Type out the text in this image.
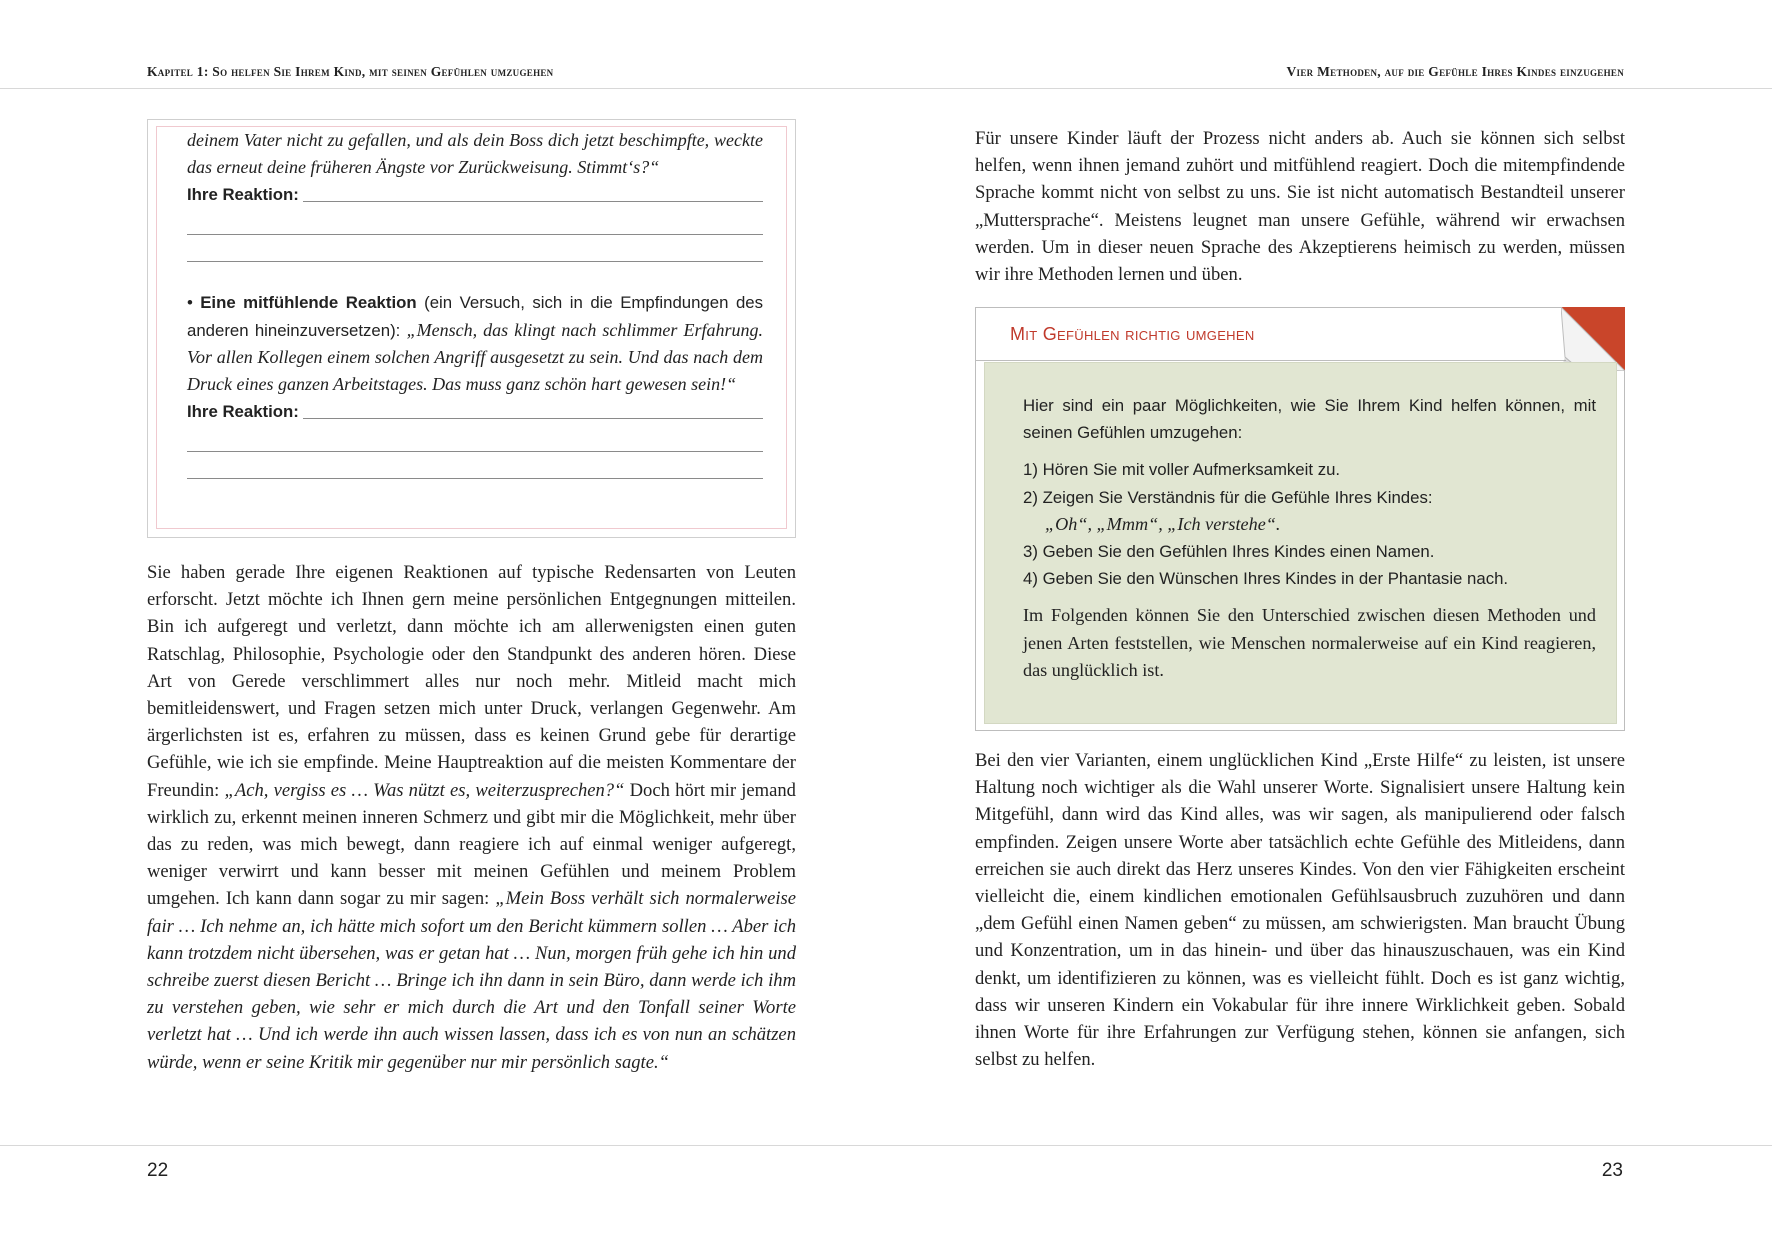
Kapitel 1: So helfen Sie Ihrem Kind, mit seinen Gefühlen umzugehen	Vier Methoden, auf die Gefühle Ihres Kindes einzugehen
deinem Vater nicht zu gefallen, und als dein Boss dich jetzt beschimpfte, weckte das erneut deine früheren Ängste vor Zurückweisung. Stimmt‘s?“
Ihre Reaktion:
• Eine mitfühlende Reaktion (ein Versuch, sich in die Empfindungen des anderen hineinzuversetzen): „Mensch, das klingt nach schlimmer Erfahrung. Vor allen Kollegen einem solchen Angriff ausgesetzt zu sein. Und das nach dem Druck eines ganzen Arbeitstages. Das muss ganz schön hart gewesen sein!“
Ihre Reaktion:

Sie haben gerade Ihre eigenen Reaktionen auf typische Redensarten von Leuten erforscht. Jetzt möchte ich Ihnen gern meine persönlichen Entgegnungen mitteilen. Bin ich aufgeregt und verletzt, dann möchte ich am allerwenigsten einen guten Ratschlag, Philosophie, Psychologie oder den Standpunkt des anderen hören. Diese Art von Gerede verschlimmert alles nur noch mehr. Mitleid macht mich bemitleidenswert, und Fragen setzen mich unter Druck, verlangen Gegenwehr. Am ärgerlichsten ist es, erfahren zu müssen, dass es keinen Grund gebe für derartige Gefühle, wie ich sie empfinde. Meine Hauptreaktion auf die meisten Kommentare der Freundin: „Ach, vergiss es … Was nützt es, weiterzusprechen?“ Doch hört mir jemand wirklich zu, erkennt meinen inneren Schmerz und gibt mir die Möglichkeit, mehr über das zu reden, was mich bewegt, dann reagiere ich auf einmal weniger aufgeregt, weniger verwirrt und kann besser mit meinen Gefühlen und meinem Problem umgehen. Ich kann dann sogar zu mir sagen: „Mein Boss verhält sich normalerweise fair … Ich nehme an, ich hätte mich sofort um den Bericht kümmern sollen … Aber ich kann trotzdem nicht übersehen, was er getan hat … Nun, morgen früh gehe ich hin und schreibe zuerst diesen Bericht … Bringe ich ihn dann in sein Büro, dann werde ich ihm zu verstehen geben, wie sehr er mich durch die Art und den Tonfall seiner Worte verletzt hat … Und ich werde ihn auch wissen lassen, dass ich es von nun an schätzen würde, wenn er seine Kritik mir gegenüber nur mir persönlich sagte.“

Für unsere Kinder läuft der Prozess nicht anders ab. Auch sie können sich selbst helfen, wenn ihnen jemand zuhört und mitfühlend reagiert. Doch die mitempfindende Sprache kommt nicht von selbst zu uns. Sie ist nicht automatisch Bestandteil unserer „Muttersprache“. Meistens leugnet man unsere Gefühle, während wir erwachsen werden. Um in dieser neuen Sprache des Akzeptierens heimisch zu werden, müssen wir ihre Methoden lernen und üben.

Mit Gefühlen richtig umgehen

Hier sind ein paar Möglichkeiten, wie Sie Ihrem Kind helfen können, mit seinen Gefühlen umzugehen:

1) Hören Sie mit voller Aufmerksamkeit zu.

2) Zeigen Sie Verständnis für die Gefühle Ihres Kindes:

„Oh“, „Mmm“, „Ich verstehe“.

3) Geben Sie den Gefühlen Ihres Kindes einen Namen.

4) Geben Sie den Wünschen Ihres Kindes in der Phantasie nach.

Im Folgenden können Sie den Unterschied zwischen diesen Methoden und jenen Arten feststellen, wie Menschen normalerweise auf ein Kind reagieren, das unglücklich ist.

Bei den vier Varianten, einem unglücklichen Kind „Erste Hilfe“ zu leisten, ist unsere Haltung noch wichtiger als die Wahl unserer Worte. Signalisiert unsere Haltung kein Mitgefühl, dann wird das Kind alles, was wir sagen, als manipulierend oder falsch empfinden. Zeigen unsere Worte aber tatsächlich echte Gefühle des Mitleidens, dann erreichen sie auch direkt das Herz unseres Kindes. Von den vier Fähigkeiten erscheint vielleicht die, einem kindlichen emotionalen Gefühlsausbruch zuzuhören und dann „dem Gefühl einen Namen geben“ zu müssen, am schwierigsten. Man braucht Übung und Konzentration, um in das hinein- und über das hinauszuschauen, was ein Kind denkt, um identifizieren zu können, was es vielleicht fühlt. Doch es ist ganz wichtig, dass wir unseren Kindern ein Vokabular für ihre innere Wirklichkeit geben. Sobald ihnen Worte für ihre Erfahrungen zur Verfügung stehen, können sie anfangen, sich selbst zu helfen.

22	23
